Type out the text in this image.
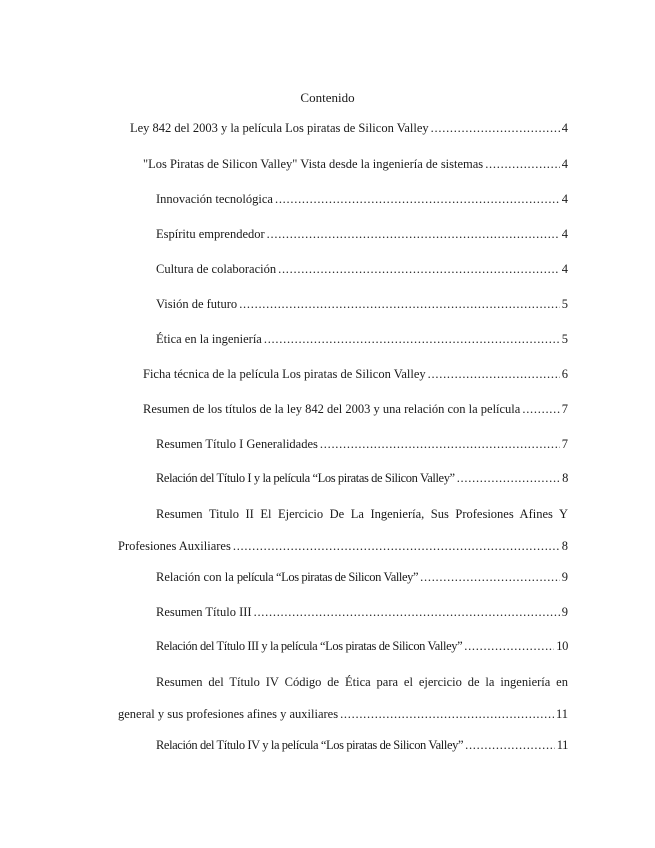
Contenido
Ley 842 del 2003 y la película Los piratas de Silicon Valley . . .	4
"Los Piratas de Silicon Valley" Vista desde la ingeniería de sistemas . . .	4
Innovación tecnológica . . .	4
Espíritu emprendedor . . .	4
Cultura de colaboración . . .	4
Visión de futuro . . .	5
Ética en la ingeniería . . .	5
Ficha técnica de la película Los piratas de Silicon Valley . . .	6
Resumen de los títulos de la ley 842 del 2003 y una relación con la película . . .	7
Resumen Título I Generalidades . . .	7
Relación del Título I y la película “Los piratas de Silicon Valley” . . .	8
Resumen Titulo II El Ejercicio De La Ingeniería, Sus Profesiones Afines Y
Profesiones Auxiliares . . .	8
Relación con la película “Los piratas de Silicon Valley” . . .	9
Resumen Título III . . .	9
Relación del Título III y la película “Los piratas de Silicon Valley” . . .	10
Resumen del Título IV Código de Ética para el ejercicio de la ingeniería en
general y sus profesiones afines y auxiliares . . .	11
Relación del Título IV y la película “Los piratas de Silicon Valley” . . .	11
